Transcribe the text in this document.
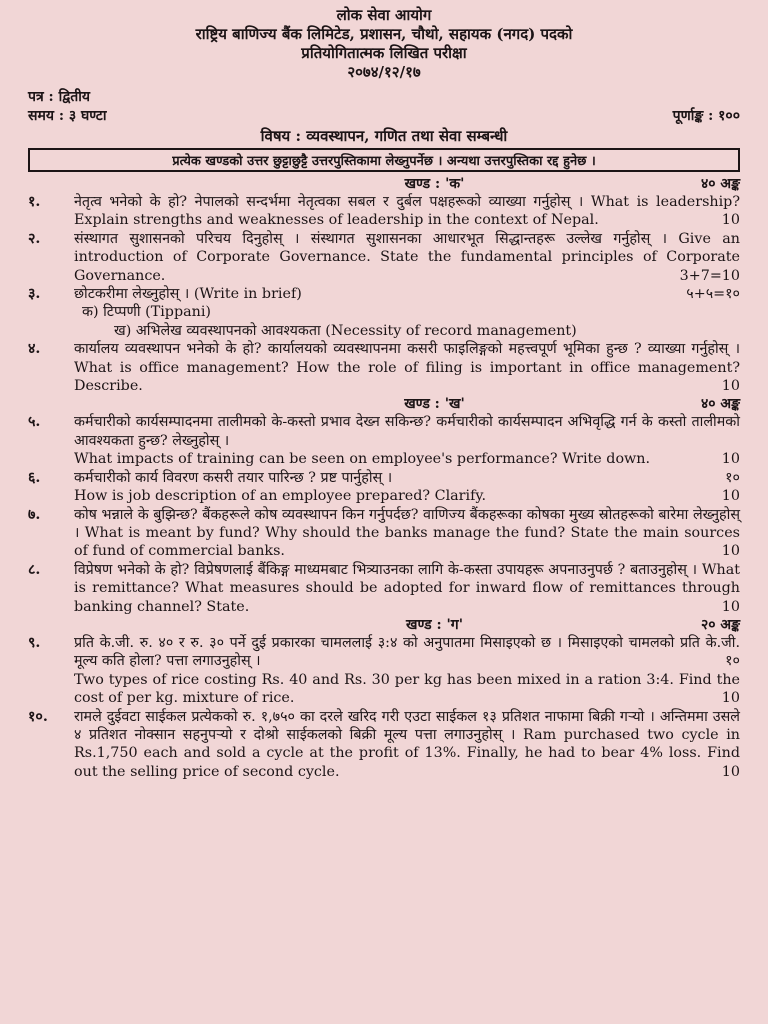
लोक सेवा आयोग
राष्ट्रिय बाणिज्य बैंक लिमिटेड, प्रशासन, चौथो, सहायक (नगद) पदको
प्रतियोगितात्मक लिखित परीक्षा
२०७४/१२/१७
पत्र : द्वितीय
समय : ३ घण्टा	पूर्णाङ्क : १००
विषय : व्यवस्थापन, गणित तथा सेवा सम्बन्धी
प्रत्येक खण्डको उत्तर छुट्टाछुट्टै उत्तरपुस्तिकामा लेख्नुपर्नेछ । अन्यथा उत्तरपुस्तिका रद्द हुनेछ ।
खण्ड : 'क'	४० अङ्क
१.	नेतृत्व भनेको के हो? नेपालको सन्दर्भमा नेतृत्वका सबल र दुर्बल पक्षहरूको व्याख्या गर्नुहोस् । What is leadership? Explain strengths and weaknesses of leadership in the context of Nepal.	10
२.	संस्थागत सुशासनको परिचय दिनुहोस् । संस्थागत सुशासनका आधारभूत सिद्धान्तहरू उल्लेख गर्नुहोस् । Give an introduction of Corporate Governance. State the fundamental principles of Corporate Governance.	3+7=10
३.	छोटकरीमा लेख्नुहोस् । (Write in brief)	५+५=१०
क) टिप्पणी (Tippani)
ख) अभिलेख व्यवस्थापनको आवश्यकता (Necessity of record management)
४.	कार्यालय व्यवस्थापन भनेको के हो? कार्यालयको व्यवस्थापनमा कसरी फाइलिङ्गको महत्त्वपूर्ण भूमिका हुन्छ ? व्याख्या गर्नुहोस् । What is office management? How the role of filing is important in office management? Describe.	10
खण्ड : 'ख'	४० अङ्क
५.	कर्मचारीको कार्यसम्पादनमा तालीमको के-कस्तो प्रभाव देख्न सकिन्छ? कर्मचारीको कार्यसम्पादन अभिवृद्धि गर्न के कस्तो तालीमको आवश्यकता हुन्छ? लेख्नुहोस् ।
What impacts of training can be seen on employee's performance? Write down.	10
६.	कर्मचारीको कार्य विवरण कसरी तयार पारिन्छ ? प्रष्ट पार्नुहोस् ।	१०
How is job description of an employee prepared? Clarify.	10
७.	कोष भन्नाले के बुझिन्छ? बैंकहरूले कोष व्यवस्थापन किन गर्नुपर्दछ? वाणिज्य बैंकहरूका कोषका मुख्य स्रोतहरूको बारेमा लेख्नुहोस् । What is meant by fund? Why should the banks manage the fund? State the main sources of fund of commercial banks.	10
८.	विप्रेषण भनेको के हो? विप्रेषणलाई बैंकिङ्ग माध्यमबाट भित्र्याउनका लागि के-कस्ता उपायहरू अपनाउनुपर्छ ? बताउनुहोस् । What is remittance? What measures should be adopted for inward flow of remittances through banking channel? State.	10
खण्ड : 'ग'	२० अङ्क
९.	प्रति के.जी. रु. ४० र रु. ३० पर्ने दुई प्रकारका चामललाई ३:४ को अनुपातमा मिसाइएको छ । मिसाइएको चामलको प्रति के.जी. मूल्य कति होला? पत्ता लगाउनुहोस् ।	१०
Two types of rice costing Rs. 40 and Rs. 30 per kg has been mixed in a ration 3:4. Find the cost of per kg. mixture of rice.	10
१०.	रामले दुईवटा साईकल प्रत्येकको रु. १,७५० का दरले खरिद गरी एउटा साईकल १३ प्रतिशत नाफामा बिक्री गऱ्यो । अन्तिममा उसले ४ प्रतिशत नोक्सान सहनुपऱ्यो र दोश्रो साईकलको बिक्री मूल्य पत्ता लगाउनुहोस् । Ram purchased two cycle in Rs.1,750 each and sold a cycle at the profit of 13%. Finally, he had to bear 4% loss. Find out the selling price of second cycle.	10
